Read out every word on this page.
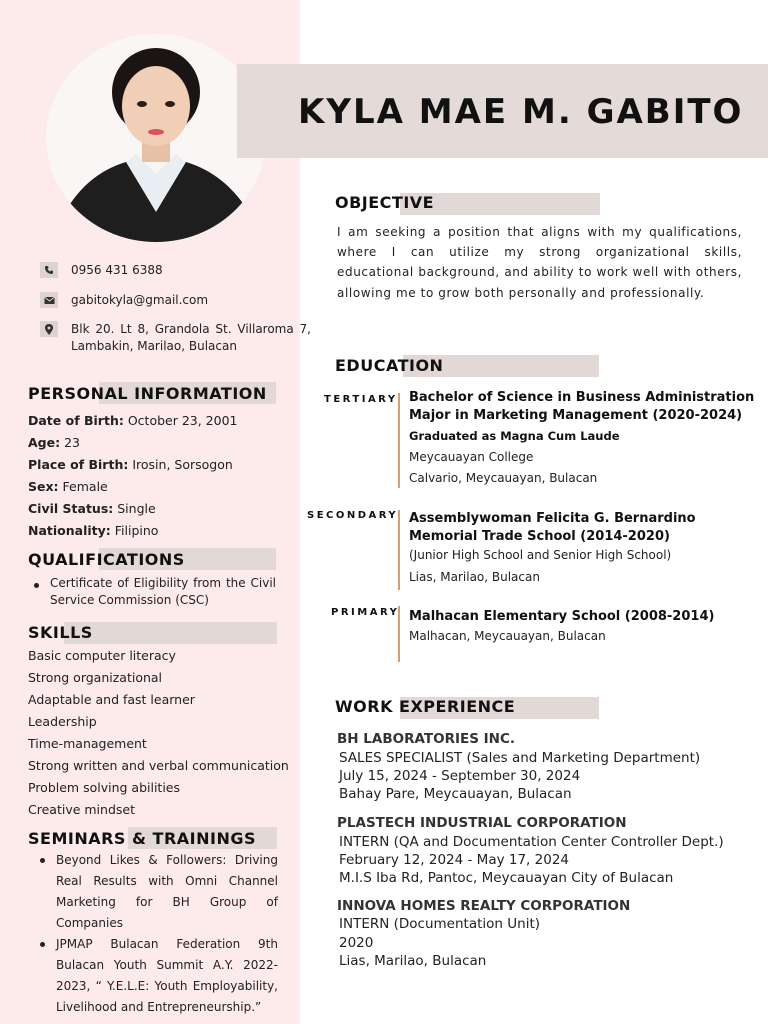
KYLA MAE M. GABITO
0956 431 6388
gabitokyla@gmail.com
Blk 20. Lt 8, Grandola St. Villaroma 7, Lambakin, Marilao, Bulacan
PERSONAL INFORMATION
Date of Birth: October 23, 2001
Age: 23
Place of Birth: Irosin, Sorsogon
Sex: Female
Civil Status: Single
Nationality: Filipino
QUALIFICATIONS
Certificate of Eligibility from the Civil Service Commission (CSC)
SKILLS
Basic computer literacy
Strong organizational
Adaptable and fast learner
Leadership
Time-management
Strong written and verbal communication
Problem solving abilities
Creative mindset
SEMINARS & TRAININGS
Beyond Likes & Followers: Driving Real Results with Omni Channel Marketing for BH Group of Companies
JPMAP Bulacan Federation 9th Bulacan Youth Summit A.Y. 2022-2023, “ Y.E.L.E: Youth Employability, Livelihood and Entrepreneurship.”
OBJECTIVE
I am seeking a position that aligns with my qualifications, where I can utilize my strong organizational skills, educational background, and ability to work well with others, allowing me to grow both personally and professionally.
EDUCATION
TERTIARY Bachelor of Science in Business Administration
Major in Marketing Management (2020-2024)
Graduated as Magna Cum Laude
Meycauayan College
Calvario, Meycauayan, Bulacan
SECONDARY Assemblywoman Felicita G. Bernardino
Memorial Trade School (2014-2020)
(Junior High School and Senior High School)
Lias, Marilao, Bulacan
PRIMARY Malhacan Elementary School (2008-2014)
Malhacan, Meycauayan, Bulacan
WORK EXPERIENCE
BH LABORATORIES INC.
SALES SPECIALIST (Sales and Marketing Department)
July 15, 2024 - September 30, 2024
Bahay Pare, Meycauayan, Bulacan
PLASTECH INDUSTRIAL CORPORATION
INTERN (QA and Documentation Center Controller Dept.)
February 12, 2024 - May 17, 2024
M.I.S Iba Rd, Pantoc, Meycauayan City of Bulacan
INNOVA HOMES REALTY CORPORATION
INTERN (Documentation Unit)
2020
Lias, Marilao, Bulacan
